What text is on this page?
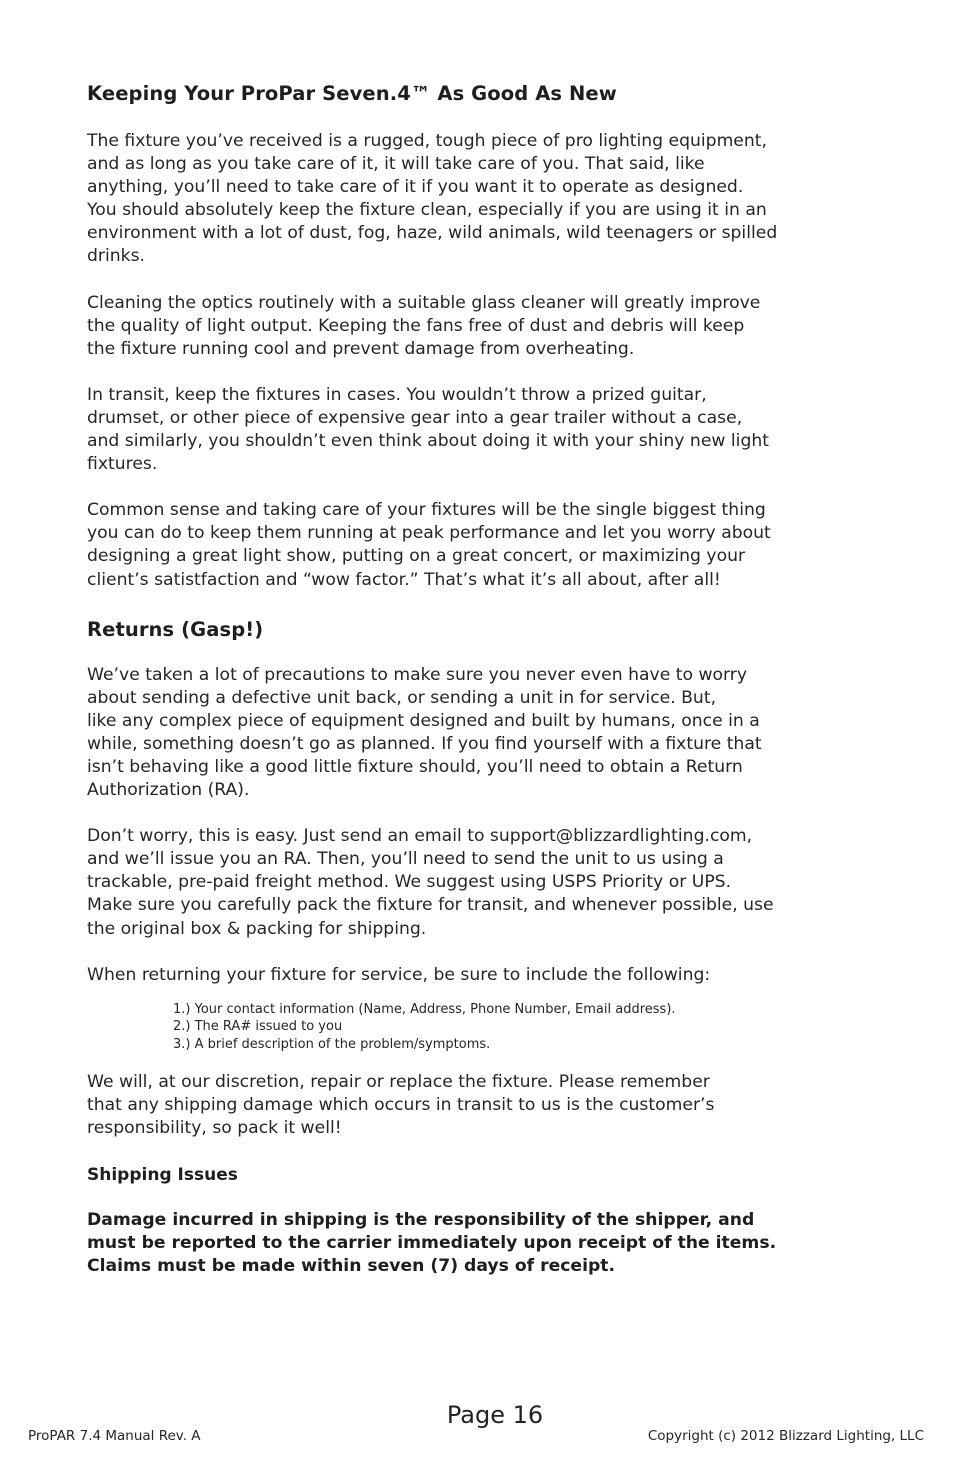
Keeping Your ProPar Seven.4™ As Good As New

The fixture you’ve received is a rugged, tough piece of pro lighting equipment,
and as long as you take care of it, it will take care of you. That said, like
anything, you’ll need to take care of it if you want it to operate as designed.
You should absolutely keep the fixture clean, especially if you are using it in an
environment with a lot of dust, fog, haze, wild animals, wild teenagers or spilled
drinks.

Cleaning the optics routinely with a suitable glass cleaner will greatly improve
the quality of light output. Keeping the fans free of dust and debris will keep
the fixture running cool and prevent damage from overheating.

In transit, keep the fixtures in cases. You wouldn’t throw a prized guitar,
drumset, or other piece of expensive gear into a gear trailer without a case,
and similarly, you shouldn’t even think about doing it with your shiny new light
fixtures.

Common sense and taking care of your fixtures will be the single biggest thing
you can do to keep them running at peak performance and let you worry about
designing a great light show, putting on a great concert, or maximizing your
client’s satistfaction and “wow factor.” That’s what it’s all about, after all!

Returns (Gasp!)

We’ve taken a lot of precautions to make sure you never even have to worry
about sending a defective unit back, or sending a unit in for service. But,
like any complex piece of equipment designed and built by humans, once in a
while, something doesn’t go as planned. If you find yourself with a fixture that
isn’t behaving like a good little fixture should, you’ll need to obtain a Return
Authorization (RA).

Don’t worry, this is easy. Just send an email to support@blizzardlighting.com,
and we’ll issue you an RA. Then, you’ll need to send the unit to us using a
trackable, pre-paid freight method. We suggest using USPS Priority or UPS.
Make sure you carefully pack the fixture for transit, and whenever possible, use
the original box & packing for shipping.

When returning your fixture for service, be sure to include the following:

1.) Your contact information (Name, Address, Phone Number, Email address).
2.) The RA# issued to you
3.) A brief description of the problem/symptoms.

We will, at our discretion, repair or replace the fixture. Please remember
that any shipping damage which occurs in transit to us is the customer’s
responsibility, so pack it well!

Shipping Issues

Damage incurred in shipping is the responsibility of the shipper, and
must be reported to the carrier immediately upon receipt of the items.
Claims must be made within seven (7) days of receipt.

Page 16
ProPAR 7.4 Manual Rev. A	Copyright (c) 2012 Blizzard Lighting, LLC
